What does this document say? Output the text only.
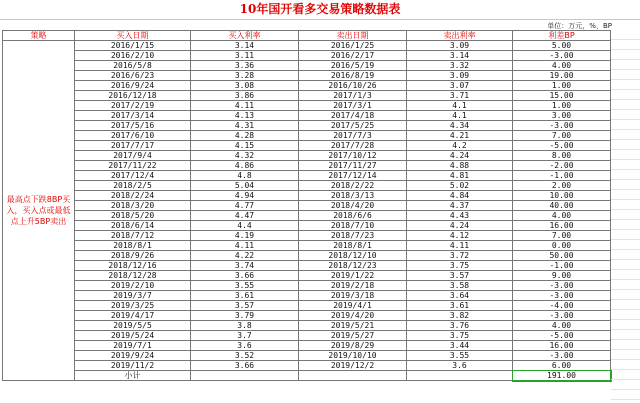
10年国开看多交易策略数据表
单位：万元，%，BP
策略	买入日期	买入利率	卖出日期	卖出利率	利差BP
最高点下跌8BP买入，买入点或最低点上升5BP卖出	2016/1/15	3.14	2016/1/25	3.09	5.00
	2016/2/10	3.11	2016/2/17	3.14	-3.00
	2016/5/8	3.36	2016/5/19	3.32	4.00
	2016/6/23	3.28	2016/8/19	3.09	19.00
	2016/9/24	3.08	2016/10/26	3.07	1.00
	2016/12/18	3.86	2017/1/3	3.71	15.00
	2017/2/19	4.11	2017/3/1	4.1	1.00
	2017/3/14	4.13	2017/4/18	4.1	3.00
	2017/5/16	4.31	2017/5/25	4.34	-3.00
	2017/6/10	4.28	2017/7/3	4.21	7.00
	2017/7/17	4.15	2017/7/28	4.2	-5.00
	2017/9/4	4.32	2017/10/12	4.24	8.00
	2017/11/22	4.86	2017/11/27	4.88	-2.00
	2017/12/4	4.8	2017/12/14	4.81	-1.00
	2018/2/5	5.04	2018/2/22	5.02	2.00
	2018/2/24	4.94	2018/3/13	4.84	10.00
	2018/3/20	4.77	2018/4/20	4.37	40.00
	2018/5/20	4.47	2018/6/6	4.43	4.00
	2018/6/14	4.4	2018/7/10	4.24	16.00
	2018/7/12	4.19	2018/7/23	4.12	7.00
	2018/8/1	4.11	2018/8/1	4.11	0.00
	2018/9/26	4.22	2018/12/10	3.72	50.00
	2018/12/16	3.74	2018/12/23	3.75	-1.00
	2018/12/28	3.66	2019/1/22	3.57	9.00
	2019/2/10	3.55	2019/2/18	3.58	-3.00
	2019/3/7	3.61	2019/3/18	3.64	-3.00
	2019/3/25	3.57	2019/4/1	3.61	-4.00
	2019/4/17	3.79	2019/4/20	3.82	-3.00
	2019/5/5	3.8	2019/5/21	3.76	4.00
	2019/5/24	3.7	2019/5/27	3.75	-5.00
	2019/7/1	3.6	2019/8/29	3.44	16.00
	2019/9/24	3.52	2019/10/10	3.55	-3.00
	2019/11/2	3.66	2019/12/2	3.6	6.00
	小计				191.00
